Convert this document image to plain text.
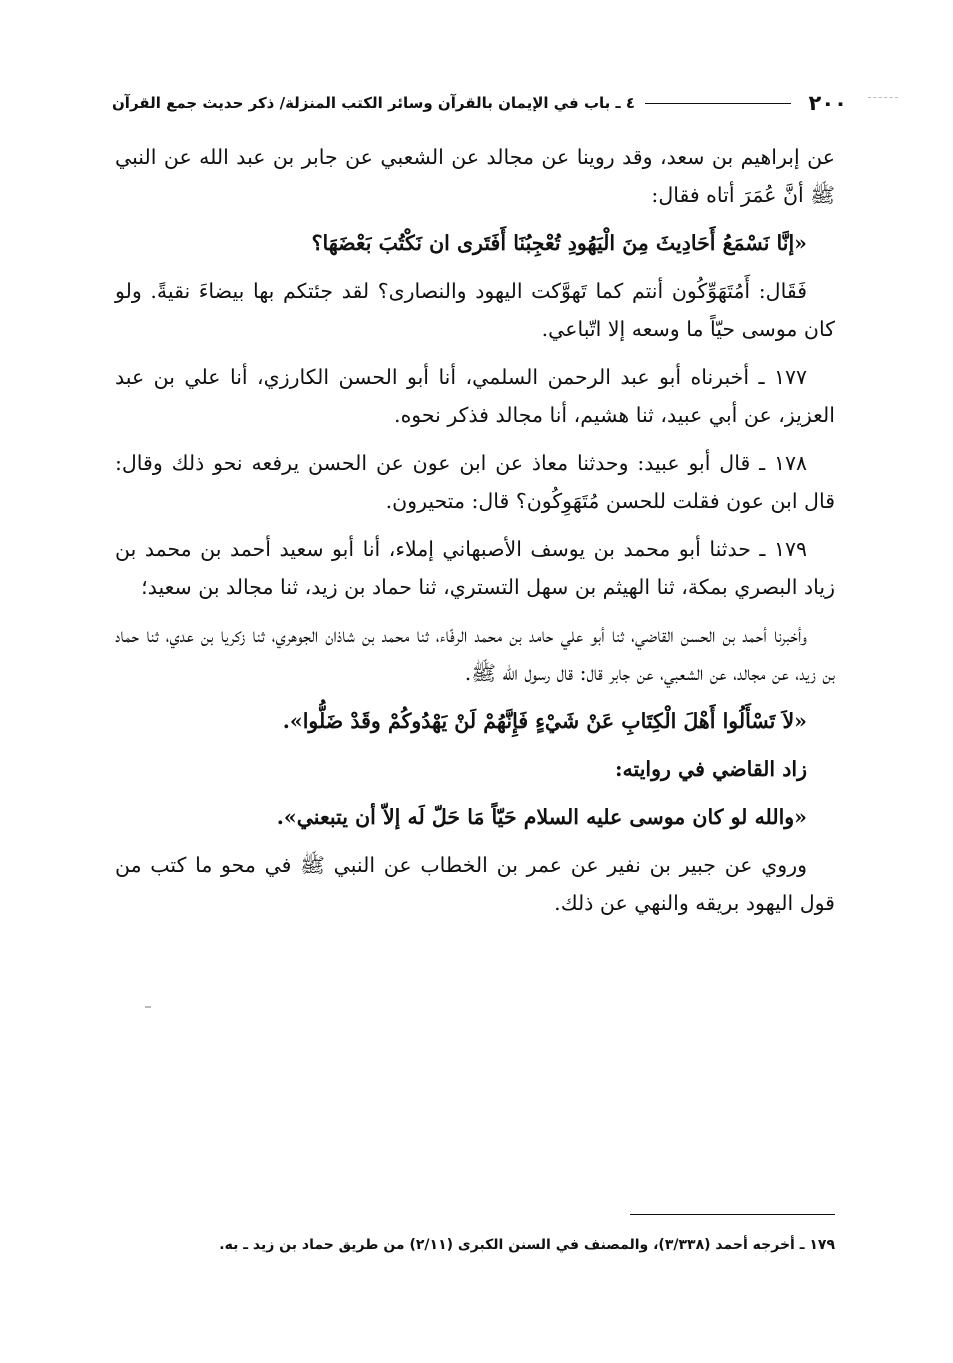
٢٠٠
٤ ـ باب في الإيمان بالقرآن وسائر الكتب المنزلة/ ذكر حديث جمع القرآن

عن إبراهيم بن سعد، وقد روينا عن مجالد عن الشعبي عن جابر بن عبد الله عن النبي ﷺ أنَّ عُمَرَ أتاه فقال:

«إنَّا نَسْمَعُ أَحَادِيثَ مِنَ الْيَهُودِ تُعْجِبُنَا أَفَتَرى ان نَكْتُبَ بَعْضَهَا؟

فَقَال: أَمُتَهَوِّكُون أنتم كما تَهوَّكت اليهود والنصارى؟ لقد جئتكم بها بيضاءَ نقيةً. ولو كان موسى حيّاً ما وسعه إلا اتّباعي.

١٧٧ ـ أخبرناه أبو عبد الرحمن السلمي، أنا أبو الحسن الكارزي، أنا علي بن عبد العزيز، عن أبي عبيد، ثنا هشيم، أنا مجالد فذكر نحوه.

١٧٨ ـ قال أبو عبيد: وحدثنا معاذ عن ابن عون عن الحسن يرفعه نحو ذلك وقال: قال ابن عون فقلت للحسن مُتَهَوِكُون؟ قال: متحيرون.

١٧٩ ـ حدثنا أبو محمد بن يوسف الأصبهاني إملاء، أنا أبو سعيد أحمد بن محمد بن زياد البصري بمكة، ثنا الهيثم بن سهل التستري، ثنا حماد بن زيد، ثنا مجالد بن سعيد؛

وأخبرنا أحمد بن الحسن القاضي، ثنا أبو علي حامد بن محمد الرفّاء، ثنا محمد بن شاذان الجوهري، ثنا زكريا بن عدي، ثنا حماد بن زيد، عن مجالد، عن الشعبي، عن جابر قال: قال رسول الله ﷺ.

«لاَ تَسْأَلُوا أَهْلَ الْكِتَابِ عَنْ شَيْءٍ فَإِنَّهُمْ لَنْ يَهْدُوكُمْ وقَدْ ضَلُّوا».

زاد القاضي في روايته:

«والله لو كان موسى عليه السلام حَيّاً مَا حَلّ لَه إلاّ أن يتبعني».

وروي عن جبير بن نفير عن عمر بن الخطاب عن النبي ﷺ في محو ما كتب من قول اليهود بريقه والنهي عن ذلك.

١٧٩ ـ أخرجه أحمد (٣/٣٣٨)، والمصنف في السنن الكبرى (٢/١١) من طريق حماد بن زيد ـ به.
